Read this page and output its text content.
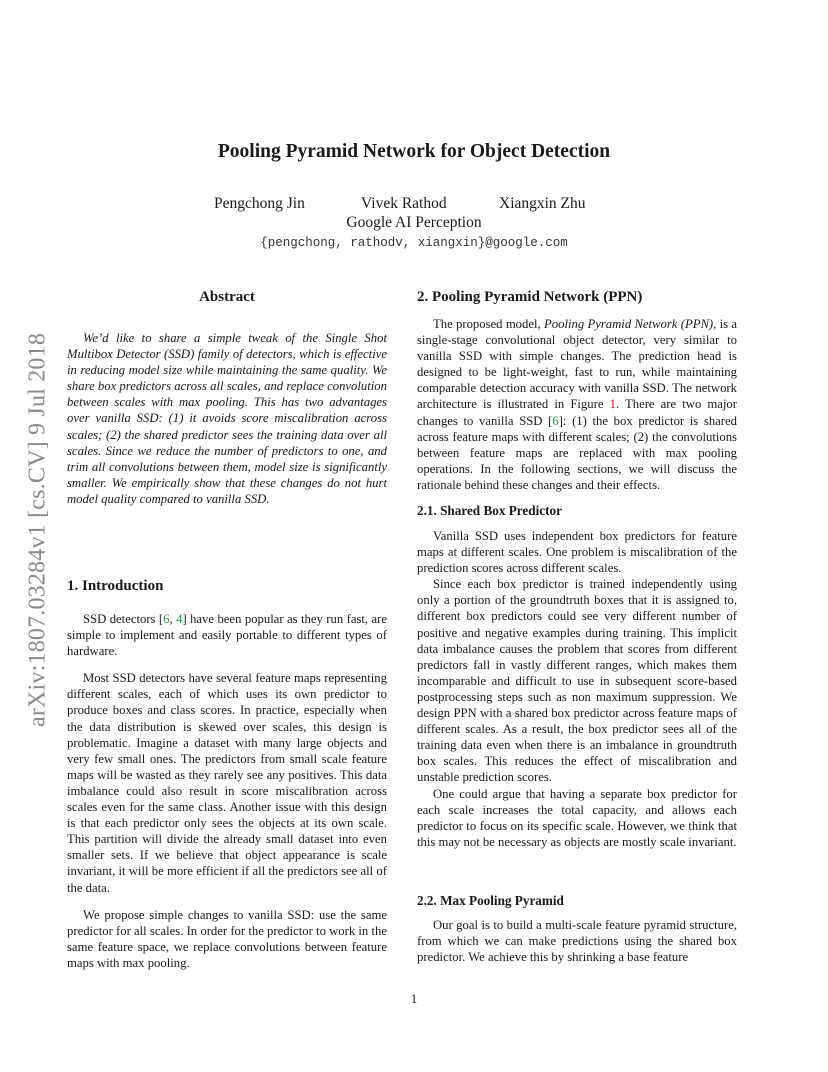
arXiv:1807.03284v1 [cs.CV] 9 Jul 2018
Pooling Pyramid Network for Object Detection
Pengchong Jin	Vivek Rathod	Xiangxin Zhu
Google AI Perception
{pengchong, rathodv, xiangxin}@google.com
Abstract

We’d like to share a simple tweak of the Single Shot Multibox Detector (SSD) family of detectors, which is effective in reducing model size while maintaining the same quality. We share box predictors across all scales, and replace convolution between scales with max pooling. This has two advantages over vanilla SSD: (1) it avoids score miscalibration across scales; (2) the shared predictor sees the training data over all scales. Since we reduce the number of predictors to one, and trim all convolutions between them, model size is significantly smaller. We empirically show that these changes do not hurt model quality compared to vanilla SSD.

1. Introduction

SSD detectors [6, 4] have been popular as they run fast, are simple to implement and easily portable to different types of hardware.

Most SSD detectors have several feature maps representing different scales, each of which uses its own predictor to produce boxes and class scores. In practice, especially when the data distribution is skewed over scales, this design is problematic. Imagine a dataset with many large objects and very few small ones. The predictors from small scale feature maps will be wasted as they rarely see any positives. This data imbalance could also result in score miscalibration across scales even for the same class. Another issue with this design is that each predictor only sees the objects at its own scale. This partition will divide the already small dataset into even smaller sets. If we believe that object appearance is scale invariant, it will be more efficient if all the predictors see all of the data.

We propose simple changes to vanilla SSD: use the same predictor for all scales. In order for the predictor to work in the same feature space, we replace convolutions between feature maps with max pooling.

2. Pooling Pyramid Network (PPN)

The proposed model, Pooling Pyramid Network (PPN), is a single-stage convolutional object detector, very similar to vanilla SSD with simple changes. The prediction head is designed to be light-weight, fast to run, while maintaining comparable detection accuracy with vanilla SSD. The network architecture is illustrated in Figure 1. There are two major changes to vanilla SSD [6]: (1) the box predictor is shared across feature maps with different scales; (2) the convolutions between feature maps are replaced with max pooling operations. In the following sections, we will discuss the rationale behind these changes and their effects.

2.1. Shared Box Predictor

Vanilla SSD uses independent box predictors for feature maps at different scales. One problem is miscalibration of the prediction scores across different scales.

Since each box predictor is trained independently using only a portion of the groundtruth boxes that it is assigned to, different box predictors could see very different number of positive and negative examples during training. This implicit data imbalance causes the problem that scores from different predictors fall in vastly different ranges, which makes them incomparable and difficult to use in subsequent score-based postprocessing steps such as non maximum suppression. We design PPN with a shared box predictor across feature maps of different scales. As a result, the box predictor sees all of the training data even when there is an imbalance in groundtruth box scales. This reduces the effect of miscalibration and unstable prediction scores.

One could argue that having a separate box predictor for each scale increases the total capacity, and allows each predictor to focus on its specific scale. However, we think that this may not be necessary as objects are mostly scale invariant.

2.2. Max Pooling Pyramid

Our goal is to build a multi-scale feature pyramid structure, from which we can make predictions using the shared box predictor. We achieve this by shrinking a base feature

1
